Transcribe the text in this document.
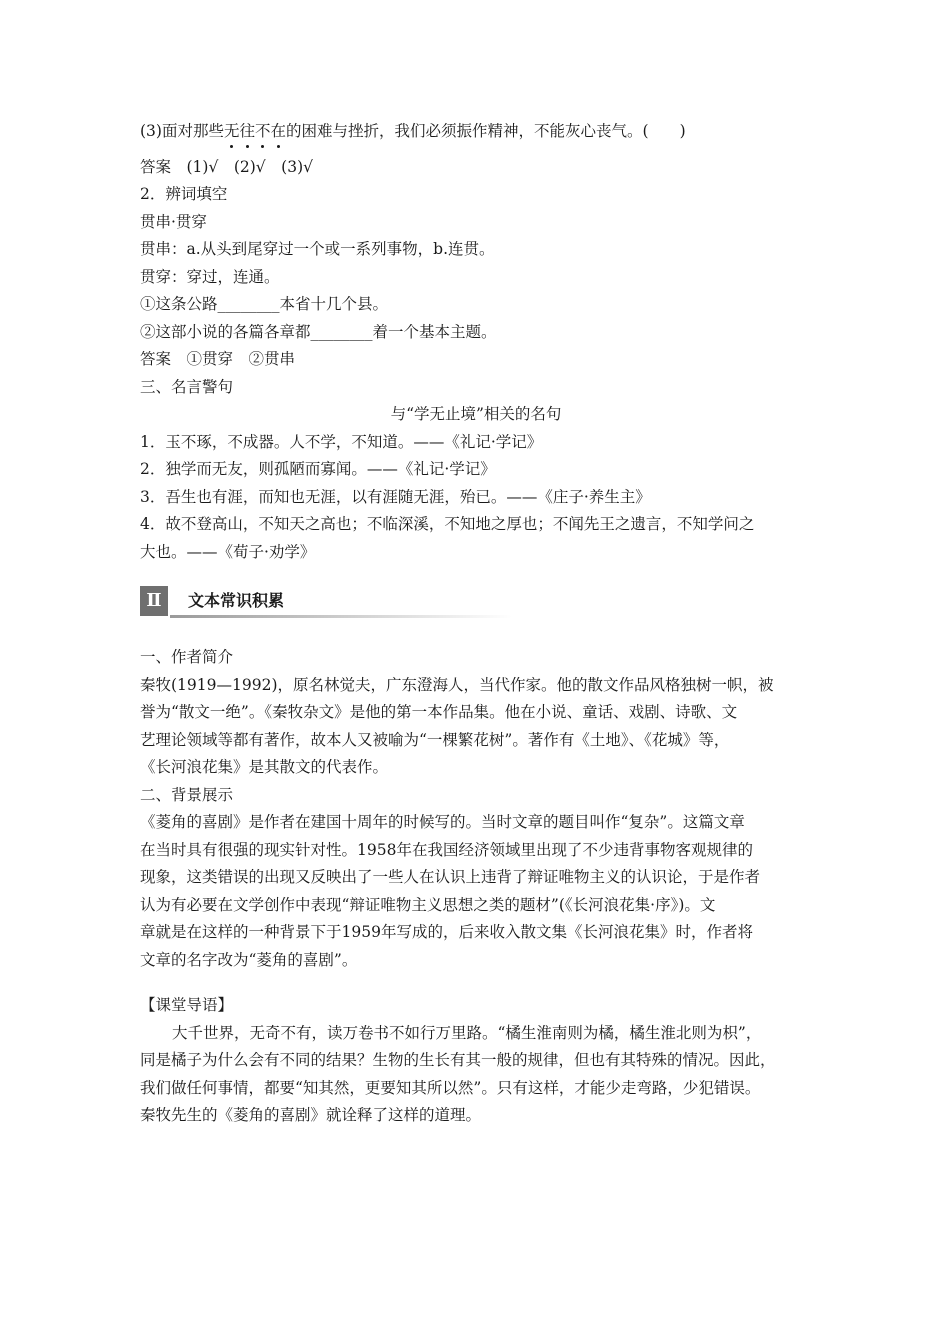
(3)面对那些无往不在的困难与挫折，我们必须振作精神，不能灰心丧气。(　　)
答案　(1)√　(2)√　(3)√
2．辨词填空
贯串·贯穿
贯串：a.从头到尾穿过一个或一系列事物，b.连贯。
贯穿：穿过，连通。
①这条公路________本省十几个县。
②这部小说的各篇各章都________着一个基本主题。
答案　①贯穿　②贯串
三、名言警句
与“学无止境”相关的名句
1．玉不琢，不成器。人不学，不知道。——《礼记·学记》
2．独学而无友，则孤陋而寡闻。——《礼记·学记》
3．吾生也有涯，而知也无涯，以有涯随无涯，殆已。——《庄子·养生主》
4．故不登高山，不知天之高也；不临深溪，不知地之厚也；不闻先王之遗言，不知学问之
大也。——《荀子·劝学》
Ⅱ	文本常识积累
一、作者简介
秦牧(1919—1992)，原名林觉夫，广东澄海人，当代作家。他的散文作品风格独树一帜，被
誉为“散文一绝”。《秦牧杂文》是他的第一本作品集。他在小说、童话、戏剧、诗歌、文
艺理论领域等都有著作，故本人又被喻为“一棵繁花树”。著作有《土地》、《花城》等，
《长河浪花集》是其散文的代表作。
二、背景展示
《菱角的喜剧》是作者在建国十周年的时候写的。当时文章的题目叫作“复杂”。这篇文章
在当时具有很强的现实针对性。1958年在我国经济领域里出现了不少违背事物客观规律的
现象，这类错误的出现又反映出了一些人在认识上违背了辩证唯物主义的认识论，于是作者
认为有必要在文学创作中表现“辩证唯物主义思想之类的题材”(《长河浪花集·序》)。文
章就是在这样的一种背景下于1959年写成的，后来收入散文集《长河浪花集》时，作者将
文章的名字改为“菱角的喜剧”。
【课堂导语】
大千世界，无奇不有，读万卷书不如行万里路。“橘生淮南则为橘，橘生淮北则为枳”，
同是橘子为什么会有不同的结果？生物的生长有其一般的规律，但也有其特殊的情况。因此，
我们做任何事情，都要“知其然，更要知其所以然”。只有这样，才能少走弯路，少犯错误。
秦牧先生的《菱角的喜剧》就诠释了这样的道理。
